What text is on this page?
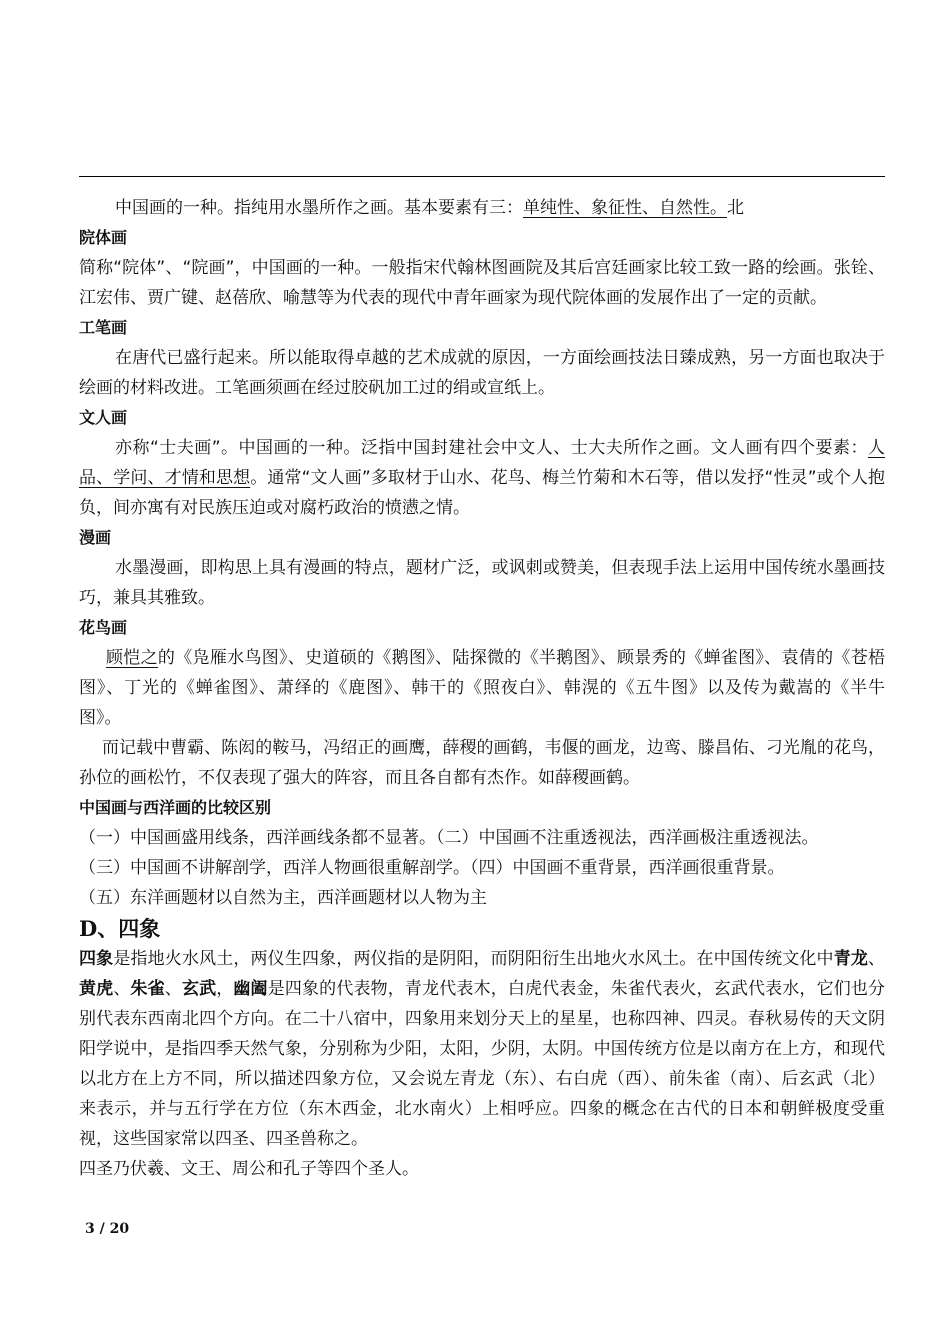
中国画的一种。指纯用水墨所作之画。基本要素有三：单纯性、象征性、自然性。北

院体画

简称“院体”、“院画”，中国画的一种。一般指宋代翰林图画院及其后宫廷画家比较工致一路的绘画。张铨、江宏伟、贾广键、赵蓓欣、喻慧等为代表的现代中青年画家为现代院体画的发展作出了一定的贡献。

工笔画

在唐代已盛行起来。所以能取得卓越的艺术成就的原因，一方面绘画技法日臻成熟，另一方面也取决于绘画的材料改进。工笔画须画在经过胶矾加工过的绢或宣纸上。

文人画

亦称“士夫画”。中国画的一种。泛指中国封建社会中文人、士大夫所作之画。文人画有四个要素：人品、学问、才情和思想。通常“文人画”多取材于山水、花鸟、梅兰竹菊和木石等，借以发抒“性灵”或个人抱负，间亦寓有对民族压迫或对腐朽政治的愤懑之情。

漫画

水墨漫画，即构思上具有漫画的特点，题材广泛，或讽刺或赞美，但表现手法上运用中国传统水墨画技巧，兼具其雅致。

花鸟画

顾恺之的《凫雁水鸟图》、史道硕的《鹅图》、陆探微的《半鹅图》、顾景秀的《蝉雀图》、袁倩的《苍梧图》、丁光的《蝉雀图》、萧绎的《鹿图》、韩干的《照夜白》、韩滉的《五牛图》以及传为戴嵩的《半牛图》。

而记载中曹霸、陈闳的鞍马，冯绍正的画鹰，薛稷的画鹤，韦偃的画龙，边鸾、滕昌佑、刁光胤的花鸟，孙位的画松竹，不仅表现了强大的阵容，而且各自都有杰作。如薛稷画鹤。

中国画与西洋画的比较区别

（一）中国画盛用线条，西洋画线条都不显著。（二）中国画不注重透视法，西洋画极注重透视法。

（三）中国画不讲解剖学，西洋人物画很重解剖学。（四）中国画不重背景，西洋画很重背景。

（五）东洋画题材以自然为主，西洋画题材以人物为主

D、四象

四象是指地火水风土，两仪生四象，两仪指的是阴阳，而阴阳衍生出地火水风土。在中国传统文化中青龙、黄虎、朱雀、玄武，幽阖是四象的代表物，青龙代表木，白虎代表金，朱雀代表火，玄武代表水，它们也分别代表东西南北四个方向。在二十八宿中，四象用来划分天上的星星，也称四神、四灵。春秋易传的天文阴阳学说中，是指四季天然气象，分别称为少阳，太阳，少阴，太阴。中国传统方位是以南方在上方，和现代以北方在上方不同，所以描述四象方位，又会说左青龙（东）、右白虎（西）、前朱雀（南）、后玄武（北）来表示，并与五行学在方位（东木西金，北水南火）上相呼应。四象的概念在古代的日本和朝鲜极度受重视，这些国家常以四圣、四圣兽称之。

四圣乃伏羲、文王、周公和孔子等四个圣人。

3 / 20
